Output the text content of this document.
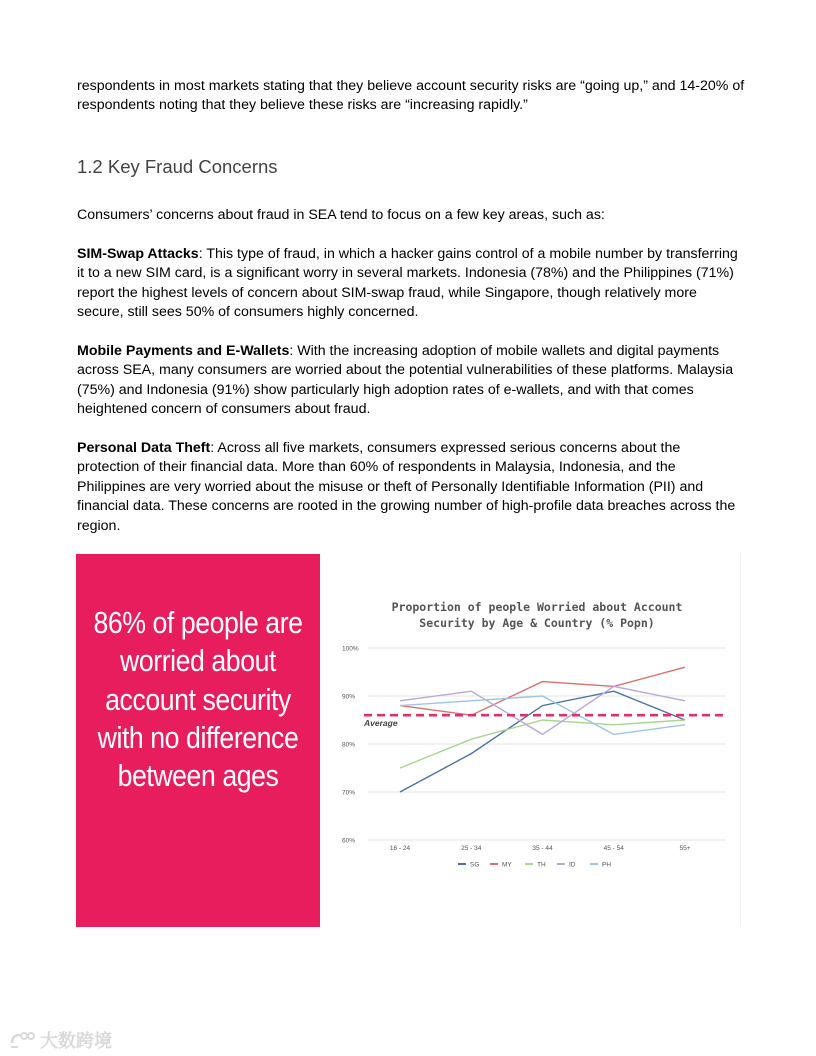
respondents in most markets stating that they believe account security risks are “going up,” and 14-20% of respondents noting that they believe these risks are “increasing rapidly.”

1.2 Key Fraud Concerns

Consumers’ concerns about fraud in SEA tend to focus on a few key areas, such as:

SIM-Swap Attacks: This type of fraud, in which a hacker gains control of a mobile number by transferring it to a new SIM card, is a significant worry in several markets. Indonesia (78%) and the Philippines (71%) report the highest levels of concern about SIM-swap fraud, while Singapore, though relatively more secure, still sees 50% of consumers highly concerned.

Mobile Payments and E-Wallets: With the increasing adoption of mobile wallets and digital payments across SEA, many consumers are worried about the potential vulnerabilities of these platforms. Malaysia (75%) and Indonesia (91%) show particularly high adoption rates of e-wallets, and with that comes heightened concern of consumers about fraud.

Personal Data Theft: Across all five markets, consumers expressed serious concerns about the protection of their financial data. More than 60% of respondents in Malaysia, Indonesia, and the Philippines are very worried about the misuse or theft of Personally Identifiable Information (PII) and financial data. These concerns are rooted in the growing number of high-profile data breaches across the region.

86% of people are worried about account security with no difference between ages

Proportion of people Worried about Account
Security by Age & Country (% Popn)
60%
70%
80%
90%
100%
16 - 24	25 - 34	35 - 44	45 - 54	55+
Average
SG	MY	TH	ID	PH
大数跨境
